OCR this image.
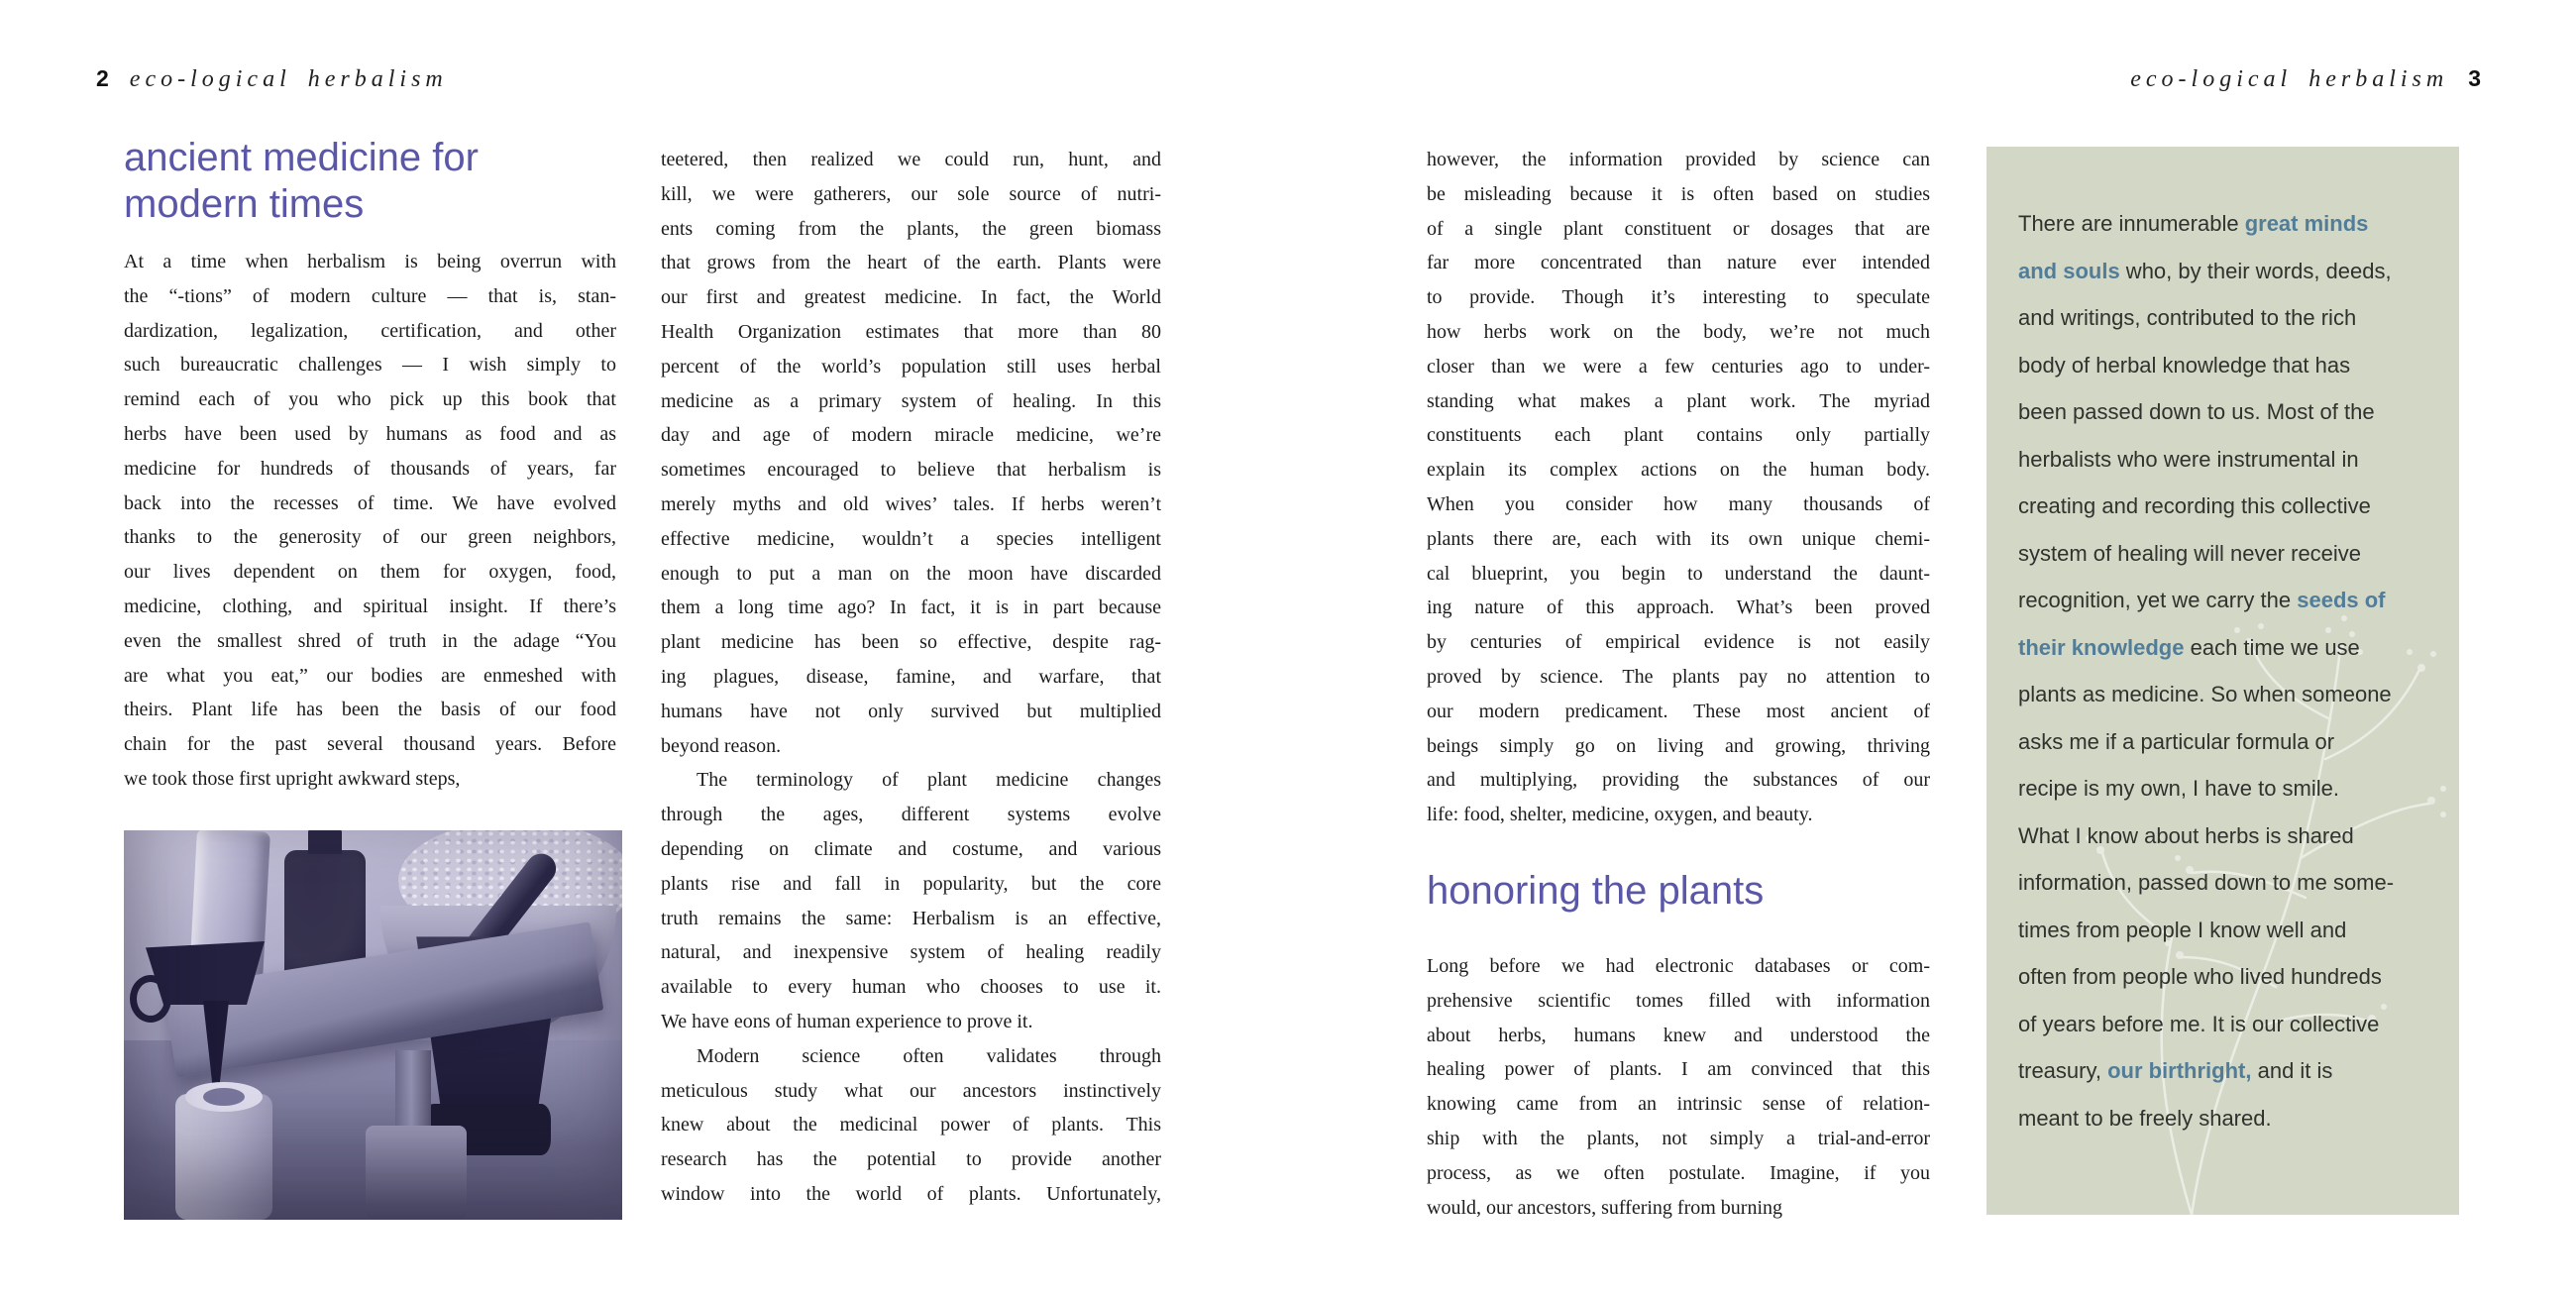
2 eco-logical herbalism
ancient medicine for
modern times
At a time when herbalism is being overrun with
the “-tions” of modern culture — that is, stan-
dardization, legalization, certification, and other
such bureaucratic challenges — I wish simply to
remind each of you who pick up this book that
herbs have been used by humans as food and as
medicine for hundreds of thousands of years, far
back into the recesses of time. We have evolved
thanks to the generosity of our green neighbors,
our lives dependent on them for oxygen, food,
medicine, clothing, and spiritual insight. If there’s
even the smallest shred of truth in the adage “You
are what you eat,” our bodies are enmeshed with
theirs. Plant life has been the basis of our food
chain for the past several thousand years. Before
we took those first upright awkward steps,
teetered, then realized we could run, hunt, and
kill, we were gatherers, our sole source of nutri-
ents coming from the plants, the green biomass
that grows from the heart of the earth. Plants were
our first and greatest medicine. In fact, the World
Health Organization estimates that more than 80
percent of the world’s population still uses herbal
medicine as a primary system of healing. In this
day and age of modern miracle medicine, we’re
sometimes encouraged to believe that herbalism is
merely myths and old wives’ tales. If herbs weren’t
effective medicine, wouldn’t a species intelligent
enough to put a man on the moon have discarded
them a long time ago? In fact, it is in part because
plant medicine has been so effective, despite rag-
ing plagues, disease, famine, and warfare, that
humans have not only survived but multiplied
beyond reason.
The terminology of plant medicine changes
through the ages, different systems evolve
depending on climate and costume, and various
plants rise and fall in popularity, but the core
truth remains the same: Herbalism is an effective,
natural, and inexpensive system of healing readily
available to every human who chooses to use it.
We have eons of human experience to prove it.
Modern science often validates through
meticulous study what our ancestors instinctively
knew about the medicinal power of plants. This
research has the potential to provide another
window into the world of plants. Unfortunately,
eco-logical herbalism 3
however, the information provided by science can
be misleading because it is often based on studies
of a single plant constituent or dosages that are
far more concentrated than nature ever intended
to provide. Though it’s interesting to speculate
how herbs work on the body, we’re not much
closer than we were a few centuries ago to under-
standing what makes a plant work. The myriad
constituents each plant contains only partially
explain its complex actions on the human body.
When you consider how many thousands of
plants there are, each with its own unique chemi-
cal blueprint, you begin to understand the daunt-
ing nature of this approach. What’s been proved
by centuries of empirical evidence is not easily
proved by science. The plants pay no attention to
our modern predicament. These most ancient of
beings simply go on living and growing, thriving
and multiplying, providing the substances of our
life: food, shelter, medicine, oxygen, and beauty.
honoring the plants
Long before we had electronic databases or com-
prehensive scientific tomes filled with information
about herbs, humans knew and understood the
healing power of plants. I am convinced that this
knowing came from an intrinsic sense of relation-
ship with the plants, not simply a trial-and-error
process, as we often postulate. Imagine, if you
would, our ancestors, suffering from burning
There are innumerable great minds
and souls who, by their words, deeds,
and writings, contributed to the rich
body of herbal knowledge that has
been passed down to us. Most of the
herbalists who were instrumental in
creating and recording this collective
system of healing will never receive
recognition, yet we carry the seeds of
their knowledge each time we use
plants as medicine. So when someone
asks me if a particular formula or
recipe is my own, I have to smile.
What I know about herbs is shared
information, passed down to me some-
times from people I know well and
often from people who lived hundreds
of years before me. It is our collective
treasury, our birthright, and it is
meant to be freely shared.
